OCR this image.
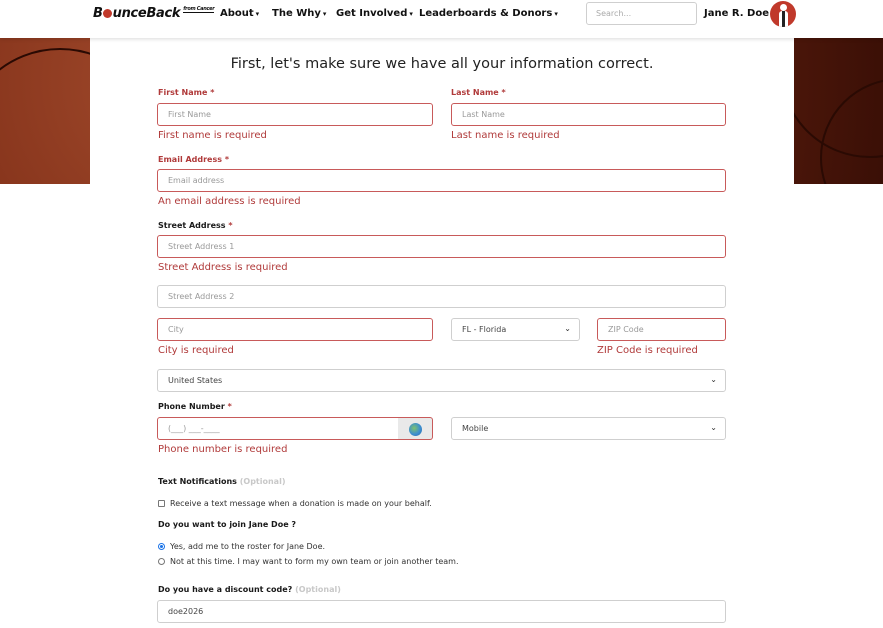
B unceBack from Cancer About ▾ The Why ▾ Get Involved ▾ Leaderboards & Donors ▾	Search...	Jane R. Doe
First, let's make sure we have all your information correct.
First Name *	Last Name *
First Name	Last Name
First name is required	Last name is required
Email Address *
Email address
An email address is required
Street Address *
Street Address 1
Street Address is required
Street Address 2
City	FL - Florida	⌄	ZIP Code
City is required	ZIP Code is required
United States	⌄
Phone Number *
(___) ___-____	Mobile	⌄
Phone number is required
Text Notifications (Optional)
Receive a text message when a donation is made on your behalf.
Do you want to join Jane Doe ?
Yes, add me to the roster for Jane Doe.
Not at this time. I may want to form my own team or join another team.
Do you have a discount code? (Optional)
doe2026
